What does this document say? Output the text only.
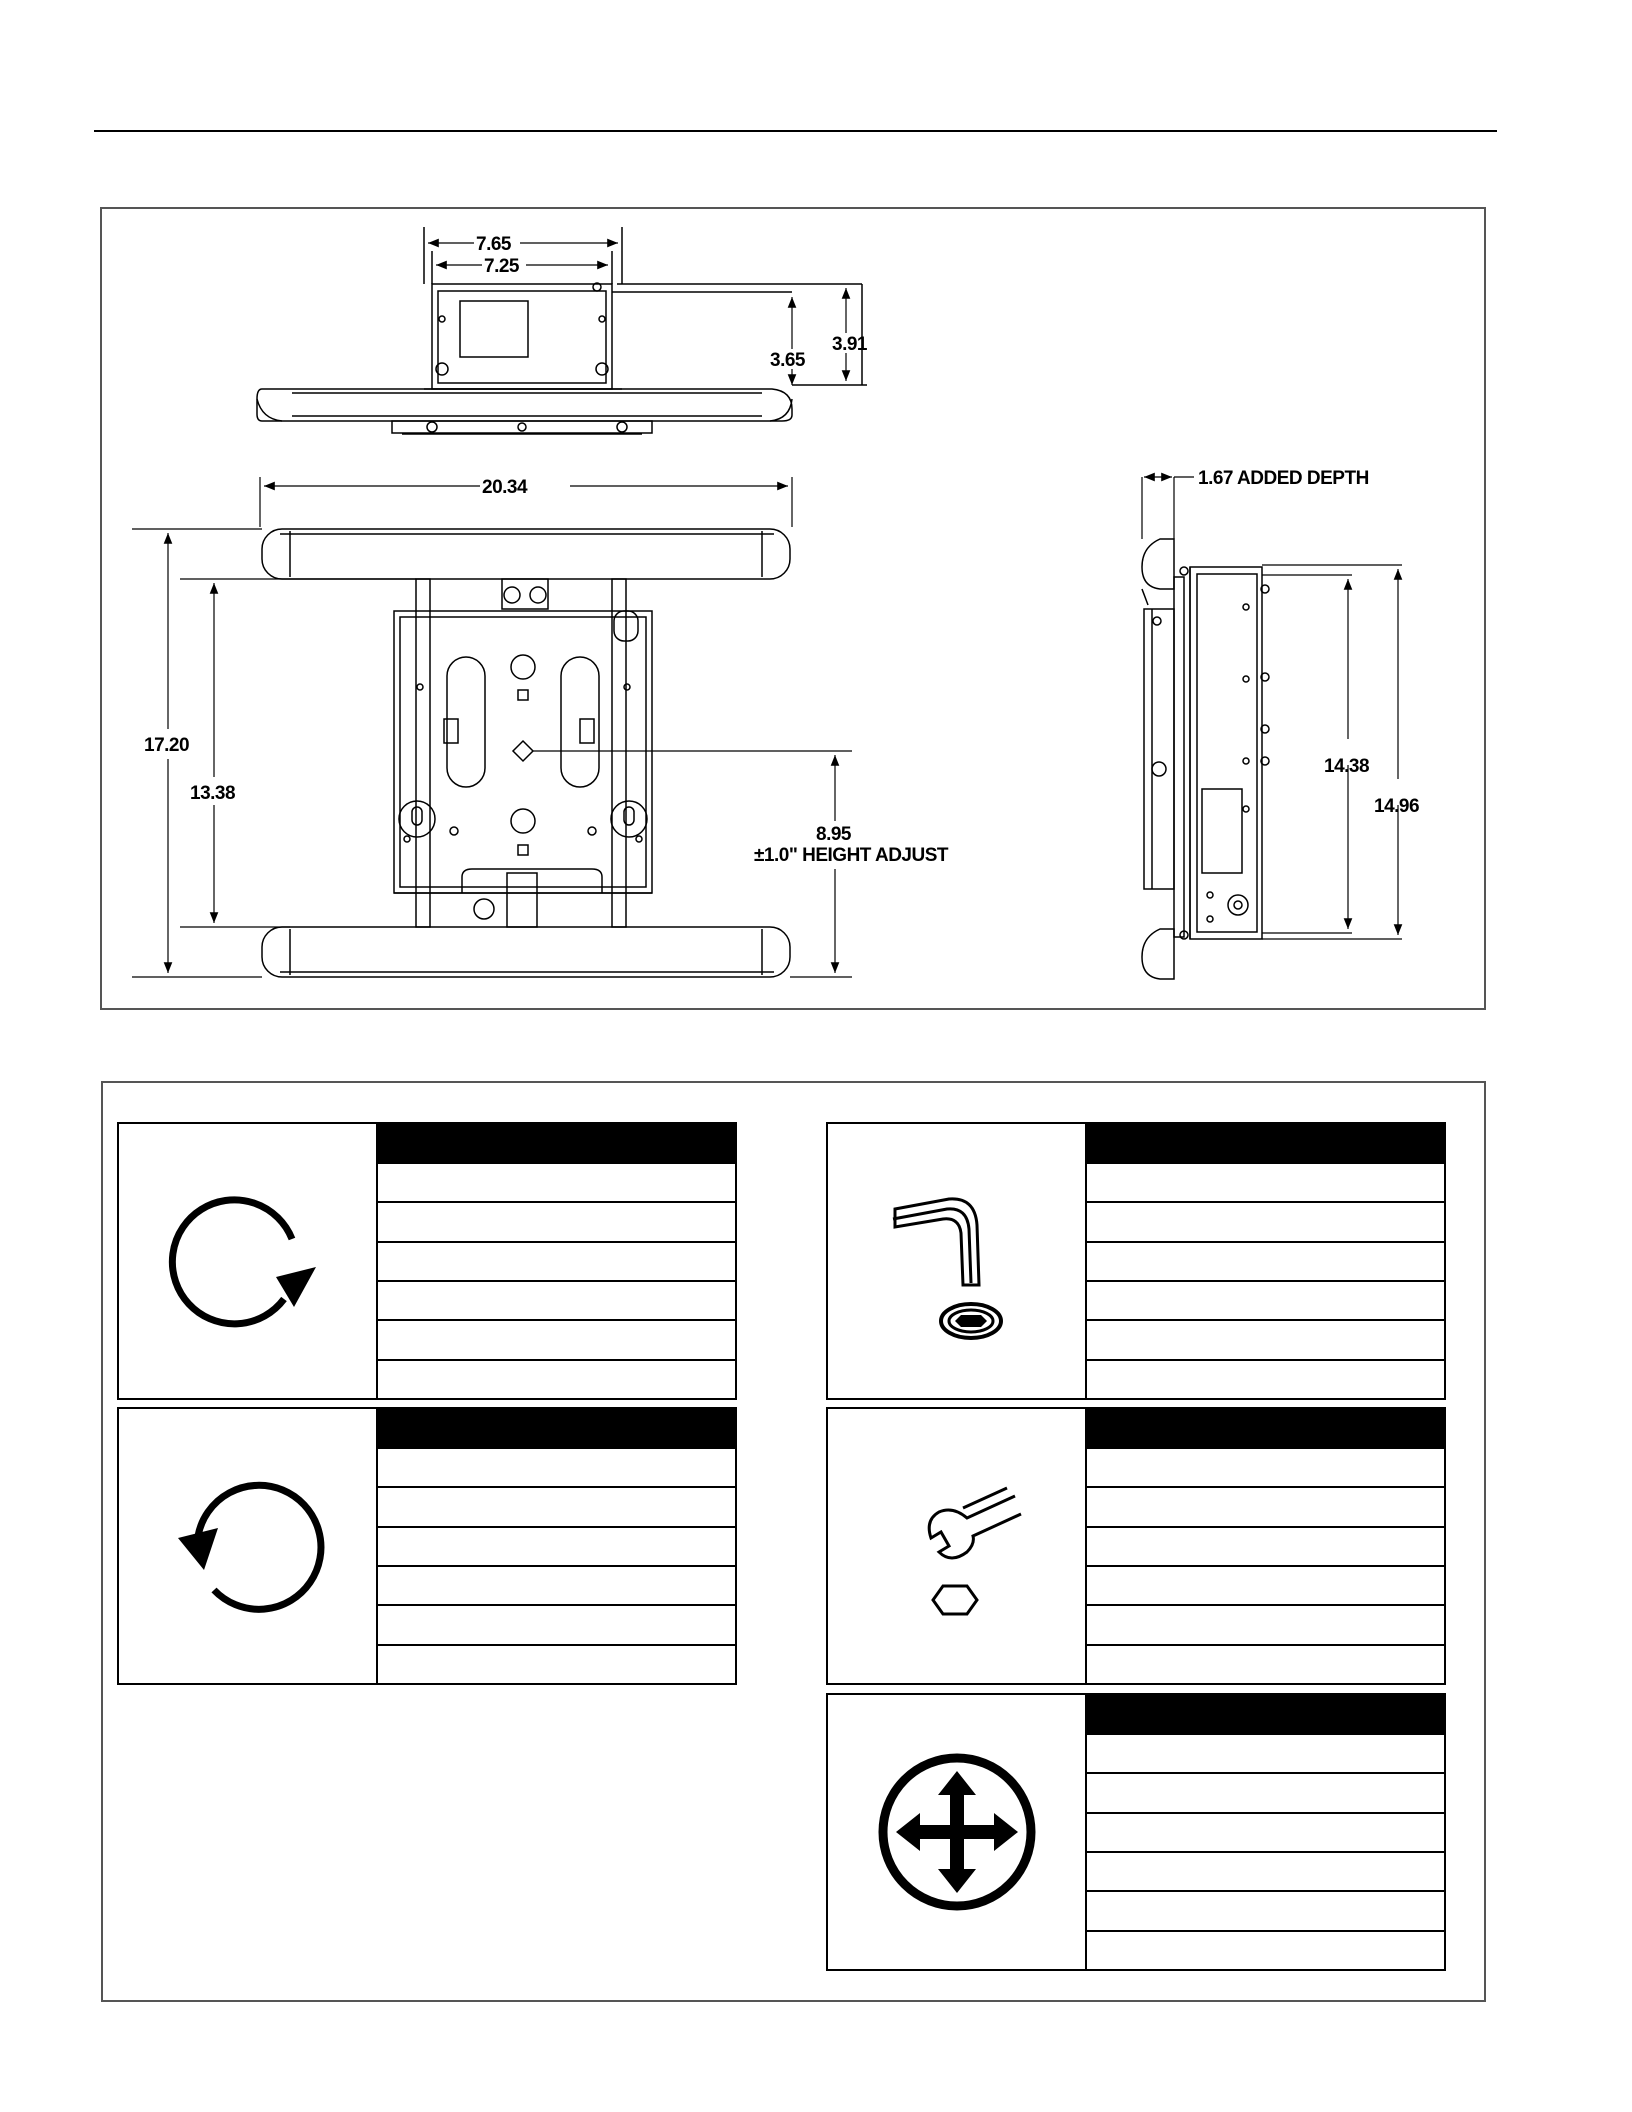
7.65
7.25
3.65
3.91
20.34
17.20
13.38
8.95
±1.0" HEIGHT ADJUST
1.67 ADDED DEPTH
14.38
14.96
